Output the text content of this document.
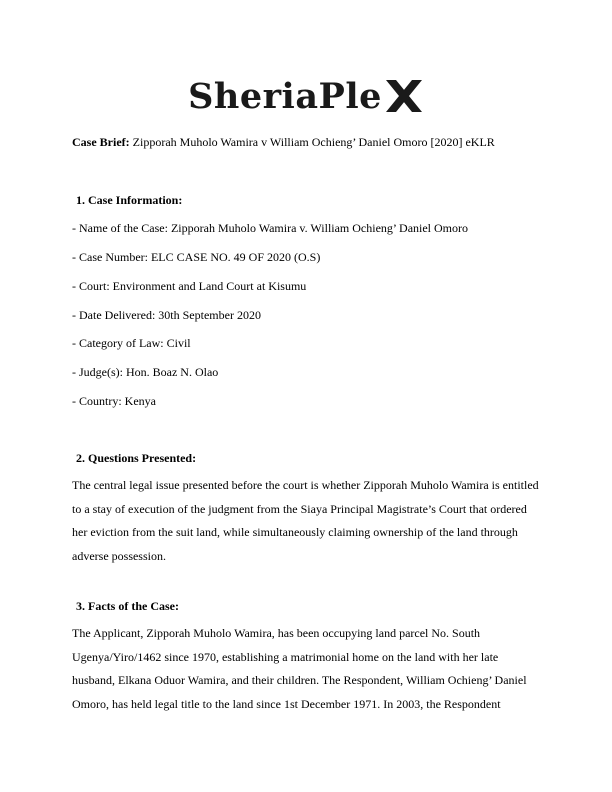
SheriaPle
Case Brief: Zipporah Muholo Wamira v William Ochieng’ Daniel Omoro [2020] eKLR
1. Case Information:
- Name of the Case: Zipporah Muholo Wamira v. William Ochieng’ Daniel Omoro
- Case Number: ELC CASE NO. 49 OF 2020 (O.S)
- Court: Environment and Land Court at Kisumu
- Date Delivered: 30th September 2020
- Category of Law: Civil
- Judge(s): Hon. Boaz N. Olao
- Country: Kenya
2. Questions Presented:
The central legal issue presented before the court is whether Zipporah Muholo Wamira is entitled
to a stay of execution of the judgment from the Siaya Principal Magistrate’s Court that ordered
her eviction from the suit land, while simultaneously claiming ownership of the land through
adverse possession.
3. Facts of the Case:
The Applicant, Zipporah Muholo Wamira, has been occupying land parcel No. South
Ugenya/Yiro/1462 since 1970, establishing a matrimonial home on the land with her late
husband, Elkana Oduor Wamira, and their children. The Respondent, William Ochieng’ Daniel
Omoro, has held legal title to the land since 1st December 1971. In 2003, the Respondent
